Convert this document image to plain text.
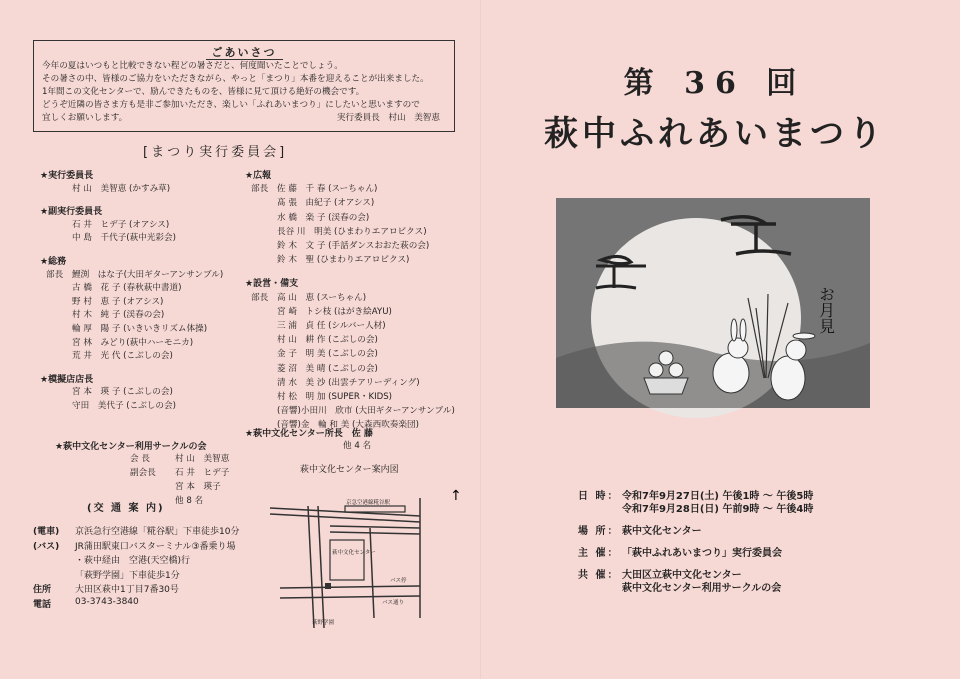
ごあいさつ
今年の夏はいつもと比較できない程どの暑さだと、何度聞いたことでしょう。
その暑さの中、皆様のご協力をいただきながら、やっと「まつり」本番を迎えることが出来ました。
1年間この文化センターで、励んできたものを、皆様に見て頂ける絶好の機会です。
どうぞ近隣の皆さま方も是非ご参加いただき、楽しい「ふれあいまつり」にしたいと思いますので
宜しくお願いします。	実行委員長　村山　美智恵
[まつり実行委員会]
★実行委員長
村 山　美智恵 (かすみ草)
★副実行委員長
石 井　ヒデ子 (オアシス)
中 島　千代子(萩中光彩会)
★総務
部長 鯉渕　はな子(大田ギターアンサンブル)
古 橋　花 子 (春秋萩中書道)
野 村　恵 子 (オアシス)
村 木　純 子 (渓春の会)
輪 厚　陽 子 (いきいきリズム体操)
宮 林　みどり(萩中ハーモニカ)
荒 井　光 代 (こぶしの会)
★模擬店店長
宮 本　瑛 子 (こぶしの会)
守田　美代子 (こぶしの会)
★広報
部長 佐 藤　千 春 (スーちゃん)
髙 張　由紀子 (オアシス)
水 橋　楽 子 (渓春の会)
長谷 川　明美 (ひまわりエアロビクス)
鈴 木　文 子 (手話ダンスおおた萩の会)
鈴 木　聖 (ひまわりエアロビクス)
★設営・備支
部長 高 山　恵 (スーちゃん)
宮 崎　トシ枝 (はがき絵AYU)
三 浦　貞 任 (シルバー人材)
村 山　耕 作 (こぶしの会)
金 子　明 美 (こぶしの会)
菱 沼　美 晴 (こぶしの会)
清 水　美 沙 (出雲チアリーディング)
村 松　明 加 (SUPER・KIDS)
(音響)小田川　欣市 (大田ギターアンサンブル)
(音響)金　輪 和 美 (大森西吹奏楽団)
★萩中文化センター所長　佐 藤
他 4 名
★萩中文化センター利用サークルの会
会 長	村 山　美智恵
副会長 石 井　ヒデ子
宮 本　瑛子
他 8 名
(交 通 案 内)
(電車) 京浜急行空港線「糀谷駅」下車徒歩10分
(バス) JR蒲田駅東口バスターミナル③番乗り場
・萩中経由　空港(天空橋)行
「萩野学園」下車徒歩1分
住所	大田区萩中1丁目7番30号
電話	03-3743-3840
萩中文化センター案内図
京急空港線糀谷駅
萩中文化センター
バス停
バス通り
萩野学園
↑
第 36 回
萩中ふれあいまつり
お月見
日 時： 令和7年9月27日(土) 午後1時 ～ 午後5時
令和7年9月28日(日) 午前9時 ～ 午後4時
場 所： 萩中文化センター
主 催： 「萩中ふれあいまつり」実行委員会
共 催： 大田区立萩中文化センター
萩中文化センター利用サークルの会
